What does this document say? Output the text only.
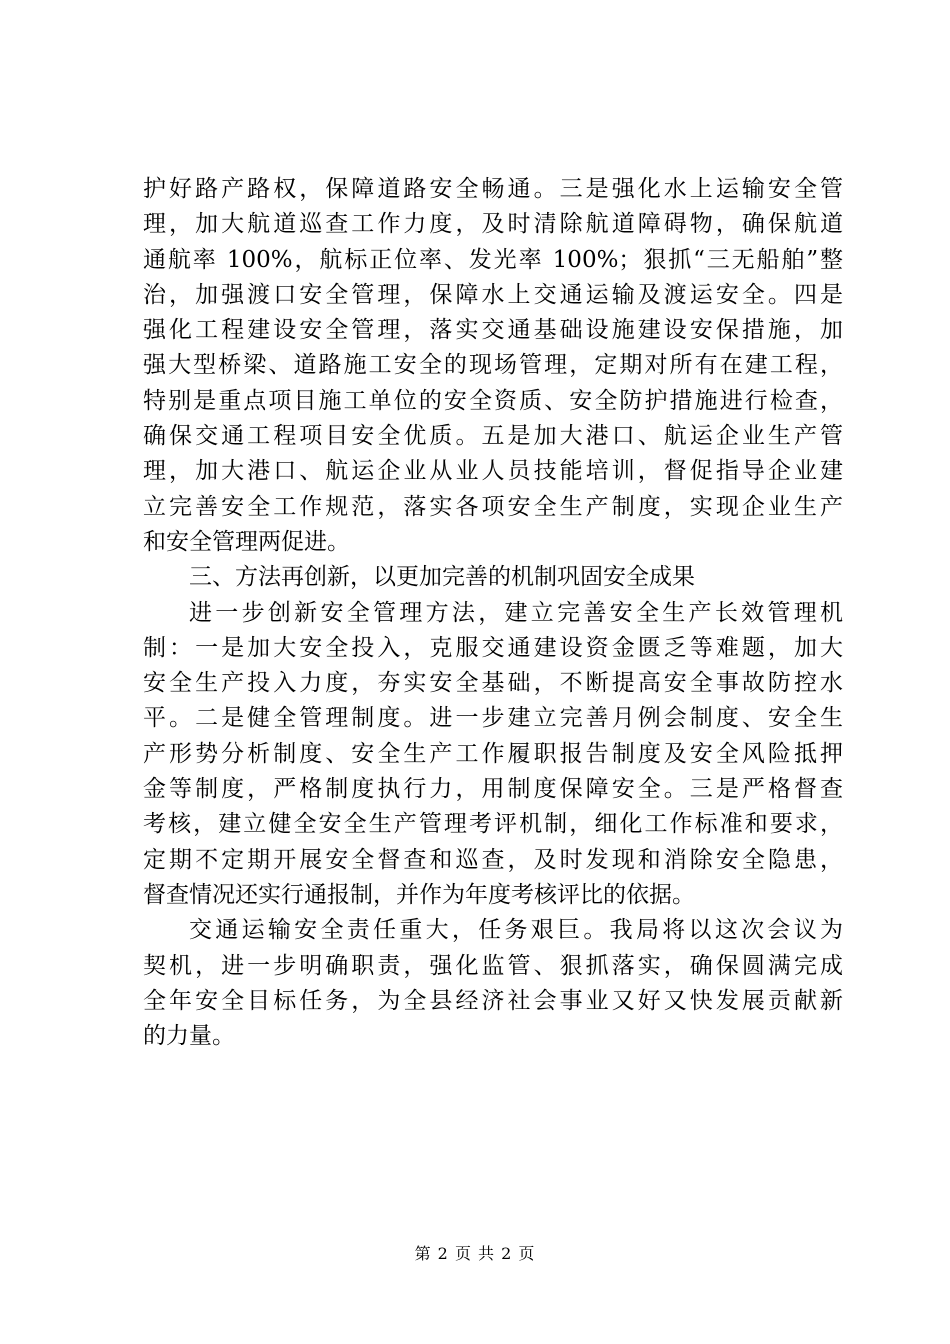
护好路产路权，保障道路安全畅通。三是强化水上运输安全管
理，加大航道巡查工作力度，及时清除航道障碍物，确保航道
通航率 100%，航标正位率、发光率 100%；狠抓“三无船舶”整
治，加强渡口安全管理，保障水上交通运输及渡运安全。四是
强化工程建设安全管理，落实交通基础设施建设安保措施，加
强大型桥梁、道路施工安全的现场管理，定期对所有在建工程，
特别是重点项目施工单位的安全资质、安全防护措施进行检查，
确保交通工程项目安全优质。五是加大港口、航运企业生产管
理，加大港口、航运企业从业人员技能培训，督促指导企业建
立完善安全工作规范，落实各项安全生产制度，实现企业生产
和安全管理两促进。
三、方法再创新，以更加完善的机制巩固安全成果
进一步创新安全管理方法，建立完善安全生产长效管理机
制：一是加大安全投入，克服交通建设资金匮乏等难题，加大
安全生产投入力度，夯实安全基础，不断提高安全事故防控水
平。二是健全管理制度。进一步建立完善月例会制度、安全生
产形势分析制度、安全生产工作履职报告制度及安全风险抵押
金等制度，严格制度执行力，用制度保障安全。三是严格督查
考核，建立健全安全生产管理考评机制，细化工作标准和要求，
定期不定期开展安全督查和巡查，及时发现和消除安全隐患，
督查情况还实行通报制，并作为年度考核评比的依据。
交通运输安全责任重大，任务艰巨。我局将以这次会议为
契机，进一步明确职责，强化监管、狠抓落实，确保圆满完成
全年安全目标任务，为全县经济社会事业又好又快发展贡献新
的力量。
第 2 页 共 2 页
